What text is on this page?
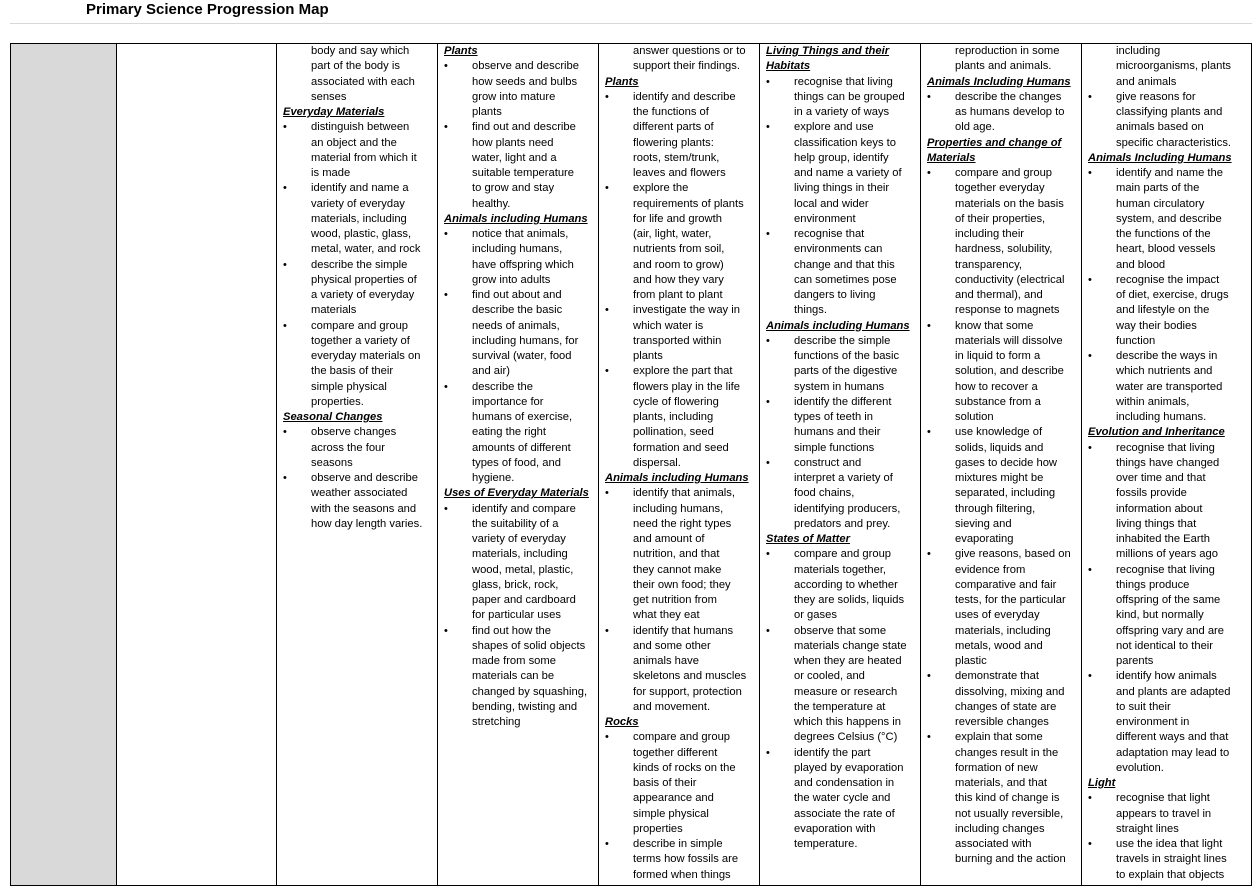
Primary Science Progression Map
body and say which
part of the body is
associated with each
senses
Everyday Materials
• distinguish between
an object and the
material from which it
is made
• identify and name a
variety of everyday
materials, including
wood, plastic, glass,
metal, water, and rock
• describe the simple
physical properties of
a variety of everyday
materials
• compare and group
together a variety of
everyday materials on
the basis of their
simple physical
properties.
Seasonal Changes
• observe changes
across the four
seasons
• observe and describe
weather associated
with the seasons and
how day length varies.
Plants
• observe and describe
how seeds and bulbs
grow into mature
plants
• find out and describe
how plants need
water, light and a
suitable temperature
to grow and stay
healthy.
Animals including Humans
• notice that animals,
including humans,
have offspring which
grow into adults
• find out about and
describe the basic
needs of animals,
including humans, for
survival (water, food
and air)
• describe the
importance for
humans of exercise,
eating the right
amounts of different
types of food, and
hygiene.
Uses of Everyday Materials
• identify and compare
the suitability of a
variety of everyday
materials, including
wood, metal, plastic,
glass, brick, rock,
paper and cardboard
for particular uses
• find out how the
shapes of solid objects
made from some
materials can be
changed by squashing,
bending, twisting and
stretching
answer questions or to
support their findings.
Plants
• identify and describe
the functions of
different parts of
flowering plants:
roots, stem/trunk,
leaves and flowers
• explore the
requirements of plants
for life and growth
(air, light, water,
nutrients from soil,
and room to grow)
and how they vary
from plant to plant
• investigate the way in
which water is
transported within
plants
• explore the part that
flowers play in the life
cycle of flowering
plants, including
pollination, seed
formation and seed
dispersal.
Animals including Humans
• identify that animals,
including humans,
need the right types
and amount of
nutrition, and that
they cannot make
their own food; they
get nutrition from
what they eat
• identify that humans
and some other
animals have
skeletons and muscles
for support, protection
and movement.
Rocks
• compare and group
together different
kinds of rocks on the
basis of their
appearance and
simple physical
properties
• describe in simple
terms how fossils are
formed when things
Living Things and their
Habitats
• recognise that living
things can be grouped
in a variety of ways
• explore and use
classification keys to
help group, identify
and name a variety of
living things in their
local and wider
environment
• recognise that
environments can
change and that this
can sometimes pose
dangers to living
things.
Animals including Humans
• describe the simple
functions of the basic
parts of the digestive
system in humans
• identify the different
types of teeth in
humans and their
simple functions
• construct and
interpret a variety of
food chains,
identifying producers,
predators and prey.
States of Matter
• compare and group
materials together,
according to whether
they are solids, liquids
or gases
• observe that some
materials change state
when they are heated
or cooled, and
measure or research
the temperature at
which this happens in
degrees Celsius (°C)
• identify the part
played by evaporation
and condensation in
the water cycle and
associate the rate of
evaporation with
temperature.
reproduction in some
plants and animals.
Animals Including Humans
• describe the changes
as humans develop to
old age.
Properties and change of
Materials
• compare and group
together everyday
materials on the basis
of their properties,
including their
hardness, solubility,
transparency,
conductivity (electrical
and thermal), and
response to magnets
• know that some
materials will dissolve
in liquid to form a
solution, and describe
how to recover a
substance from a
solution
• use knowledge of
solids, liquids and
gases to decide how
mixtures might be
separated, including
through filtering,
sieving and
evaporating
• give reasons, based on
evidence from
comparative and fair
tests, for the particular
uses of everyday
materials, including
metals, wood and
plastic
• demonstrate that
dissolving, mixing and
changes of state are
reversible changes
• explain that some
changes result in the
formation of new
materials, and that
this kind of change is
not usually reversible,
including changes
associated with
burning and the action
including
microorganisms, plants
and animals
• give reasons for
classifying plants and
animals based on
specific characteristics.
Animals Including Humans
• identify and name the
main parts of the
human circulatory
system, and describe
the functions of the
heart, blood vessels
and blood
• recognise the impact
of diet, exercise, drugs
and lifestyle on the
way their bodies
function
• describe the ways in
which nutrients and
water are transported
within animals,
including humans.
Evolution and Inheritance
• recognise that living
things have changed
over time and that
fossils provide
information about
living things that
inhabited the Earth
millions of years ago
• recognise that living
things produce
offspring of the same
kind, but normally
offspring vary and are
not identical to their
parents
• identify how animals
and plants are adapted
to suit their
environment in
different ways and that
adaptation may lead to
evolution.
Light
• recognise that light
appears to travel in
straight lines
• use the idea that light
travels in straight lines
to explain that objects
